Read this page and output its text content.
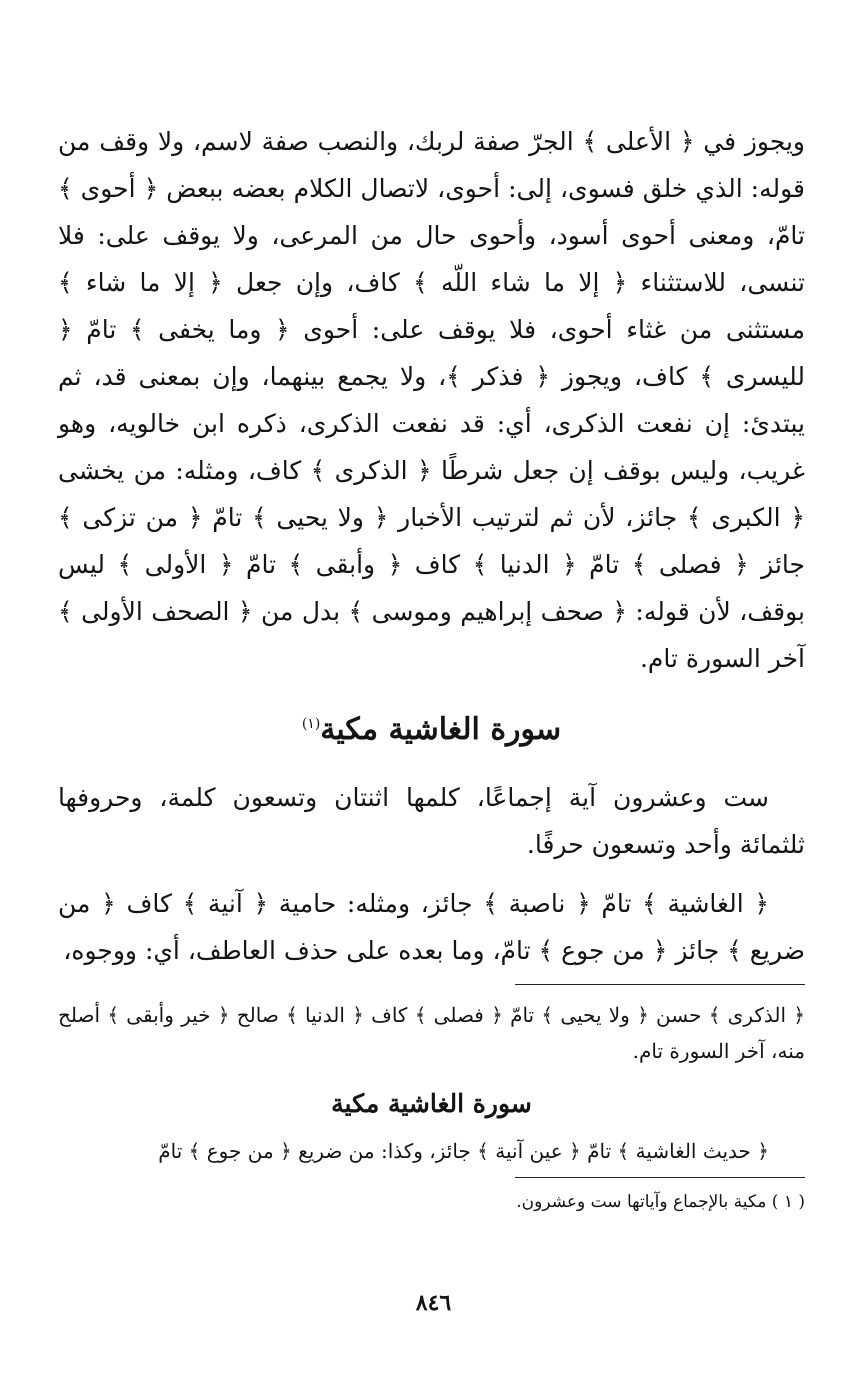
ويجوز في ﴿ الأعلى ﴾ الجرّ صفة لربك، والنصب صفة لاسم، ولا وقف من قوله: الذي خلق فسوى، إلى: أحوى، لاتصال الكلام بعضه ببعض ﴿ أحوى ﴾ تامّ، ومعنى أحوى أسود، وأحوى حال من المرعى، ولا يوقف على: فلا تنسى، للاستثناء ﴿ إلا ما شاء اللّه ﴾ كاف، وإن جعل ﴿ إلا ما شاء ﴾ مستثنى من غثاء أحوى، فلا يوقف على: أحوى ﴿ وما يخفى ﴾ تامّ ﴿ لليسرى ﴾ كاف، ويجوز ﴿ فذكر ﴾، ولا يجمع بينهما، وإن بمعنى قد، ثم يبتدئ: إن نفعت الذكرى، أي: قد نفعت الذكرى، ذكره ابن خالويه، وهو غريب، وليس بوقف إن جعل شرطًا ﴿ الذكرى ﴾ كاف، ومثله: من يخشى ﴿ الكبرى ﴾ جائز، لأن ثم لترتيب الأخبار ﴿ ولا يحيى ﴾ تامّ ﴿ من تزكى ﴾ جائز ﴿ فصلى ﴾ تامّ ﴿ الدنيا ﴾ كاف ﴿ وأبقى ﴾ تامّ ﴿ الأولى ﴾ ليس بوقف، لأن قوله: ﴿ صحف إبراهيم وموسى ﴾ بدل من ﴿ الصحف الأولى ﴾ آخر السورة تام.

سورة الغاشية مكية$^{(١)}$

ست وعشرون آية إجماعًا، كلمها اثنتان وتسعون كلمة، وحروفها ثلثمائة وأحد وتسعون حرفًا.

﴿ الغاشية ﴾ تامّ ﴿ ناصبة ﴾ جائز، ومثله: حامية ﴿ آنية ﴾ كاف ﴿ من ضريع ﴾ جائز ﴿ من جوع ﴾ تامّ، وما بعده على حذف العاطف، أي: ووجوه،

﴿ الذكرى ﴾ حسن ﴿ ولا يحيى ﴾ تامّ ﴿ فصلى ﴾ كاف ﴿ الدنيا ﴾ صالح ﴿ خير وأبقى ﴾ أصلح منه، آخر السورة تام.

سورة الغاشية مكية

﴿ حديث الغاشية ﴾ تامّ ﴿ عين آنية ﴾ جائز، وكذا: من ضريع ﴿ من جوع ﴾ تامّ

( ١ ) مكية بالإجماع وآياتها ست وعشرون.

٨٤٦
